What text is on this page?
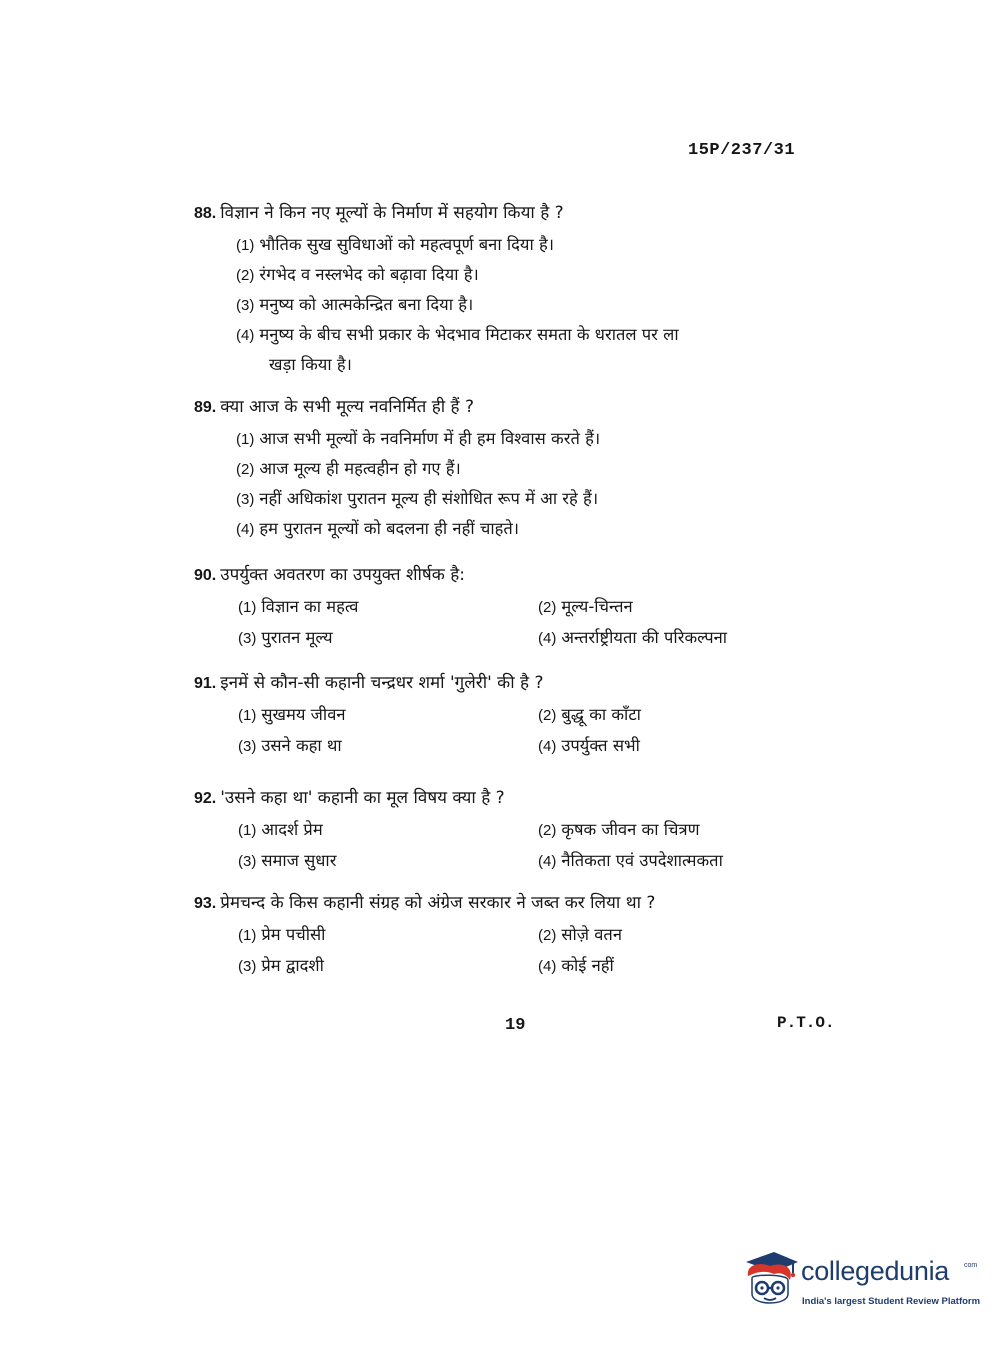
15P/237/31
88. विज्ञान ने किन नए मूल्यों के निर्माण में सहयोग किया है ?
(1) भौतिक सुख सुविधाओं को महत्वपूर्ण बना दिया है।
(2) रंगभेद व नस्लभेद को बढ़ावा दिया है।
(3) मनुष्य को आत्मकेन्द्रित बना दिया है।
(4) मनुष्य के बीच सभी प्रकार के भेदभाव मिटाकर समता के धरातल पर ला
खड़ा किया है।
89. क्या आज के सभी मूल्य नवनिर्मित ही हैं ?
(1) आज सभी मूल्यों के नवनिर्माण में ही हम विश्वास करते हैं।
(2) आज मूल्य ही महत्वहीन हो गए हैं।
(3) नहीं अधिकांश पुरातन मूल्य ही संशोधित रूप में आ रहे हैं।
(4) हम पुरातन मूल्यों को बदलना ही नहीं चाहते।
90. उपर्युक्त अवतरण का उपयुक्त शीर्षक है:
(1) विज्ञान का महत्व	(2) मूल्य-चिन्तन
(3) पुरातन मूल्य	(4) अन्तर्राष्ट्रीयता की परिकल्पना
91. इनमें से कौन-सी कहानी चन्द्रधर शर्मा 'गुलेरी' की है ?
(1) सुखमय जीवन	(2) बुद्धू का काँटा
(3) उसने कहा था	(4) उपर्युक्त सभी
92. 'उसने कहा था' कहानी का मूल विषय क्या है ?
(1) आदर्श प्रेम	(2) कृषक जीवन का चित्रण
(3) समाज सुधार	(4) नैतिकता एवं उपदेशात्मकता
93. प्रेमचन्द के किस कहानी संग्रह को अंग्रेज सरकार ने जब्त कर लिया था ?
(1) प्रेम पचीसी	(2) सोज़े वतन
(3) प्रेम द्वादशी	(4) कोई नहीं
19	P.T.O.
collegedunia com
India's largest Student Review Platform
